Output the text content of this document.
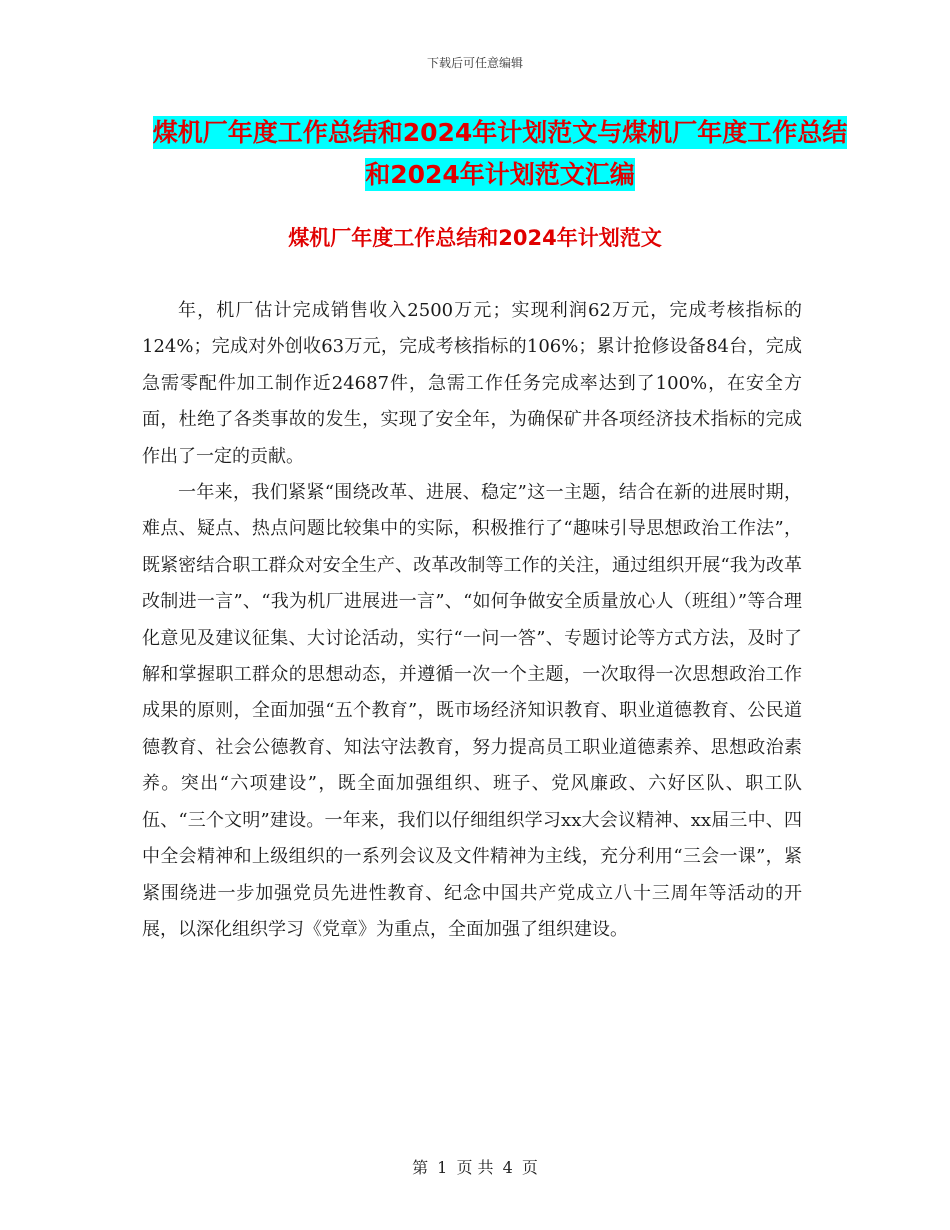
下载后可任意编辑
煤机厂年度工作总结和2024年计划范文与煤机厂年度工作总结和2024年计划范文汇编
煤机厂年度工作总结和2024年计划范文

年，机厂估计完成销售收入2500万元；实现利润62万元，完成考核指标的124%；完成对外创收63万元，完成考核指标的106%；累计抢修设备84台，完成急需零配件加工制作近24687件，急需工作任务完成率达到了100%，在安全方面，杜绝了各类事故的发生，实现了安全年，为确保矿井各项经济技术指标的完成作出了一定的贡献。

一年来，我们紧紧“围绕改革、进展、稳定”这一主题，结合在新的进展时期，难点、疑点、热点问题比较集中的实际，积极推行了“趣味引导思想政治工作法”，既紧密结合职工群众对安全生产、改革改制等工作的关注，通过组织开展“我为改革改制进一言”、“我为机厂进展进一言”、“如何争做安全质量放心人（班组）”等合理化意见及建议征集、大讨论活动，实行“一问一答”、专题讨论等方式方法，及时了解和掌握职工群众的思想动态，并遵循一次一个主题，一次取得一次思想政治工作成果的原则，全面加强“五个教育”，既市场经济知识教育、职业道德教育、公民道德教育、社会公德教育、知法守法教育，努力提高员工职业道德素养、思想政治素养。突出“六项建设”，既全面加强组织、班子、党风廉政、六好区队、职工队伍、“三个文明”建设。一年来，我们以仔细组织学习xx大会议精神、xx届三中、四中全会精神和上级组织的一系列会议及文件精神为主线，充分利用“三会一课”，紧紧围绕进一步加强党员先进性教育、纪念中国共产党成立八十三周年等活动的开展，以深化组织学习《党章》为重点，全面加强了组织建设。

第 1 页 共 4 页
